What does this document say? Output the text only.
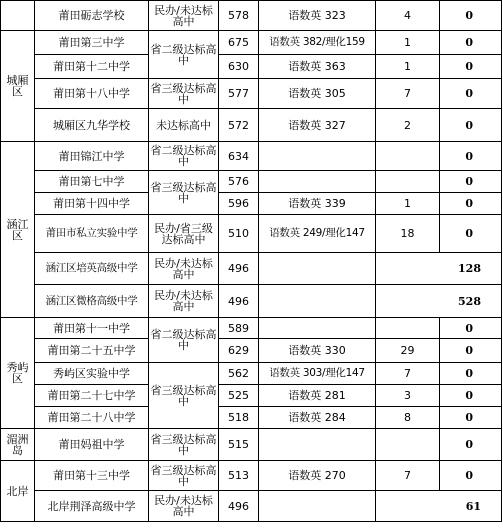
	莆田砺志学校	民办/未达标高中	578	语数英 323	4	0
城厢区	莆田第三中学	省二级达标高中	675	语数英 382/理化159	1	0
	莆田第十二中学		630	语数英 363	1	0
	莆田第十八中学	省三级达标高中	577	语数英 305	7	0
	城厢区九华学校	未达标高中	572	语数英 327	2	0
涵江区	莆田锦江中学	省二级达标高中	634			0
	莆田第七中学	省三级达标高中	576			0
	莆田第十四中学		596	语数英 339	1	0
	莆田市私立实验中学	民办/省三级达标高中	510	语数英 249/理化147	18	0
	涵江区培英高级中学	民办/未达标高中	496		128	
	涵江区微格高级中学	民办/未达标高中	496		528	
秀屿区	莆田第十一中学	省二级达标高中	589			0
	莆田第二十五中学		629	语数英 330	29	0
	秀屿区实验中学	省三级达标高中	562	语数英 303/理化147	7	0
	莆田第二十七中学		525	语数英 281	3	0
	莆田第二十八中学		518	语数英 284	8	0
湄洲岛	莆田妈祖中学	省三级达标高中	515			0
北岸	莆田第十三中学	省三级达标高中	513	语数英 270	7	0
	北岸荆泽高级中学	民办/未达标高中	496		61	
